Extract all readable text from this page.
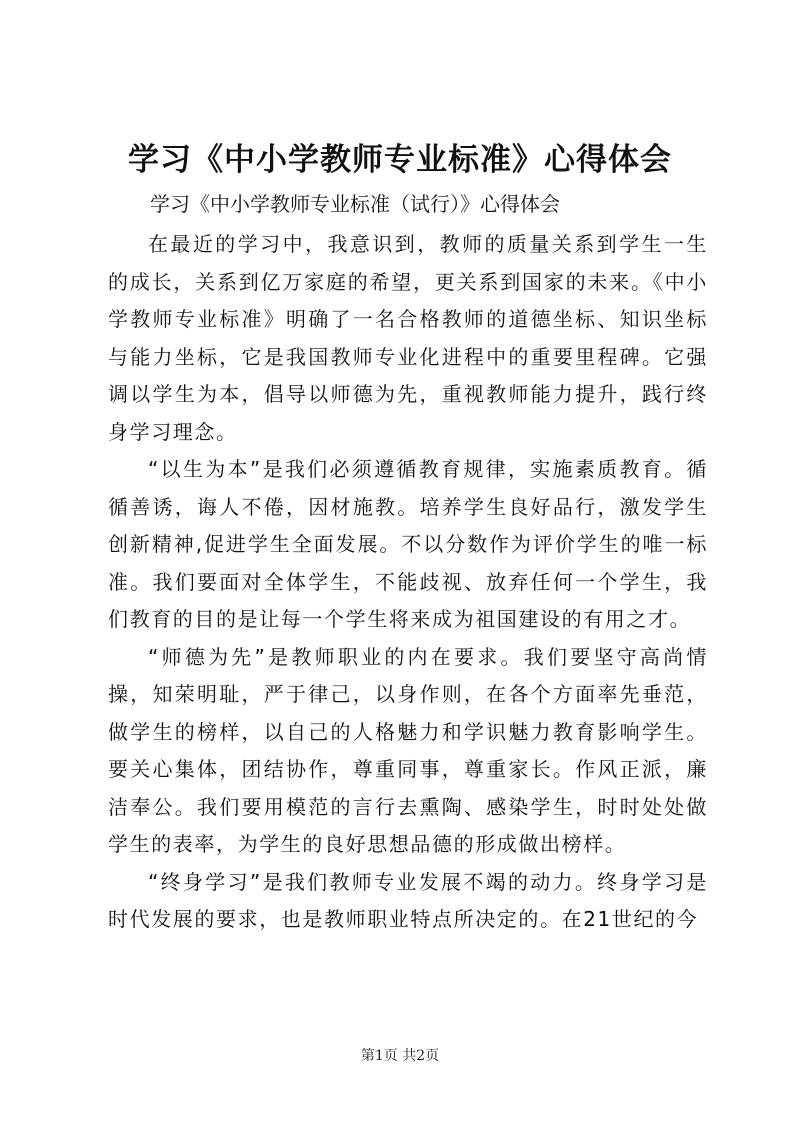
学习《中小学教师专业标准》心得体会
学习《中小学教师专业标准（试行）》心得体会

在最近的学习中，我意识到，教师的质量关系到学生一生的成长，关系到亿万家庭的希望，更关系到国家的未来。《中小学教师专业标准》明确了一名合格教师的道德坐标、知识坐标与能力坐标，它是我国教师专业化进程中的重要里程碑。它强调以学生为本，倡导以师德为先，重视教师能力提升，践行终身学习理念。

“以生为本”是我们必须遵循教育规律，实施素质教育。循循善诱，诲人不倦，因材施教。培养学生良好品行，激发学生创新精神,促进学生全面发展。不以分数作为评价学生的唯一标准。我们要面对全体学生，不能歧视、放弃任何一个学生，我们教育的目的是让每一个学生将来成为祖国建设的有用之才。

“师德为先”是教师职业的内在要求。我们要坚守高尚情操，知荣明耻，严于律己，以身作则，在各个方面率先垂范，做学生的榜样，以自己的人格魅力和学识魅力教育影响学生。要关心集体，团结协作，尊重同事，尊重家长。作风正派，廉洁奉公。我们要用模范的言行去熏陶、感染学生，时时处处做学生的表率，为学生的良好思想品德的形成做出榜样。

“终身学习”是我们教师专业发展不竭的动力。终身学习是时代发展的要求，也是教师职业特点所决定的。在21世纪的今

第1页 共2页
